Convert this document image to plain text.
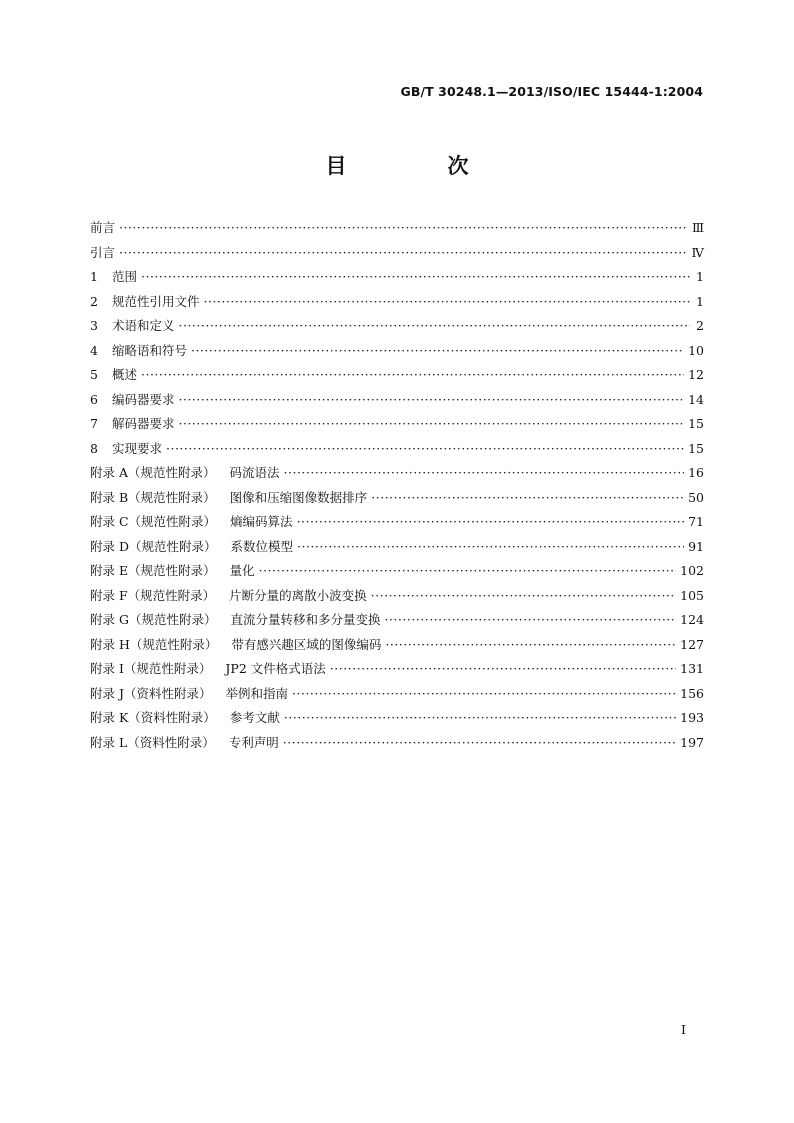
GB/T 30248.1—2013/ISO/IEC 15444-1:2004
目　次
前言 ·····	Ⅲ
引言 ·····	Ⅳ
1	范围 ·····	1
2	规范性引用文件 ·····	1
3	术语和定义 ·····	2
4	缩略语和符号 ·····	10
5	概述 ·····	12
6	编码器要求 ·····	14
7	解码器要求 ·····	15
8	实现要求 ·····	15
附录 A（规范性附录） 码流语法 ·····	16
附录 B（规范性附录） 图像和压缩图像数据排序 ·····	50
附录 C（规范性附录） 熵编码算法 ·····	71
附录 D（规范性附录） 系数位模型 ·····	91
附录 E（规范性附录） 量化 ·····	102
附录 F（规范性附录） 片断分量的离散小波变换 ·····	105
附录 G（规范性附录） 直流分量转移和多分量变换 ·····	124
附录 H（规范性附录） 带有感兴趣区域的图像编码 ·····	127
附录 I（规范性附录） JP2 文件格式语法 ·····	131
附录 J（资料性附录） 举例和指南 ·····	156
附录 K（资料性附录） 参考文献 ·····	193
附录 L（资料性附录） 专利声明 ·····	197
I
